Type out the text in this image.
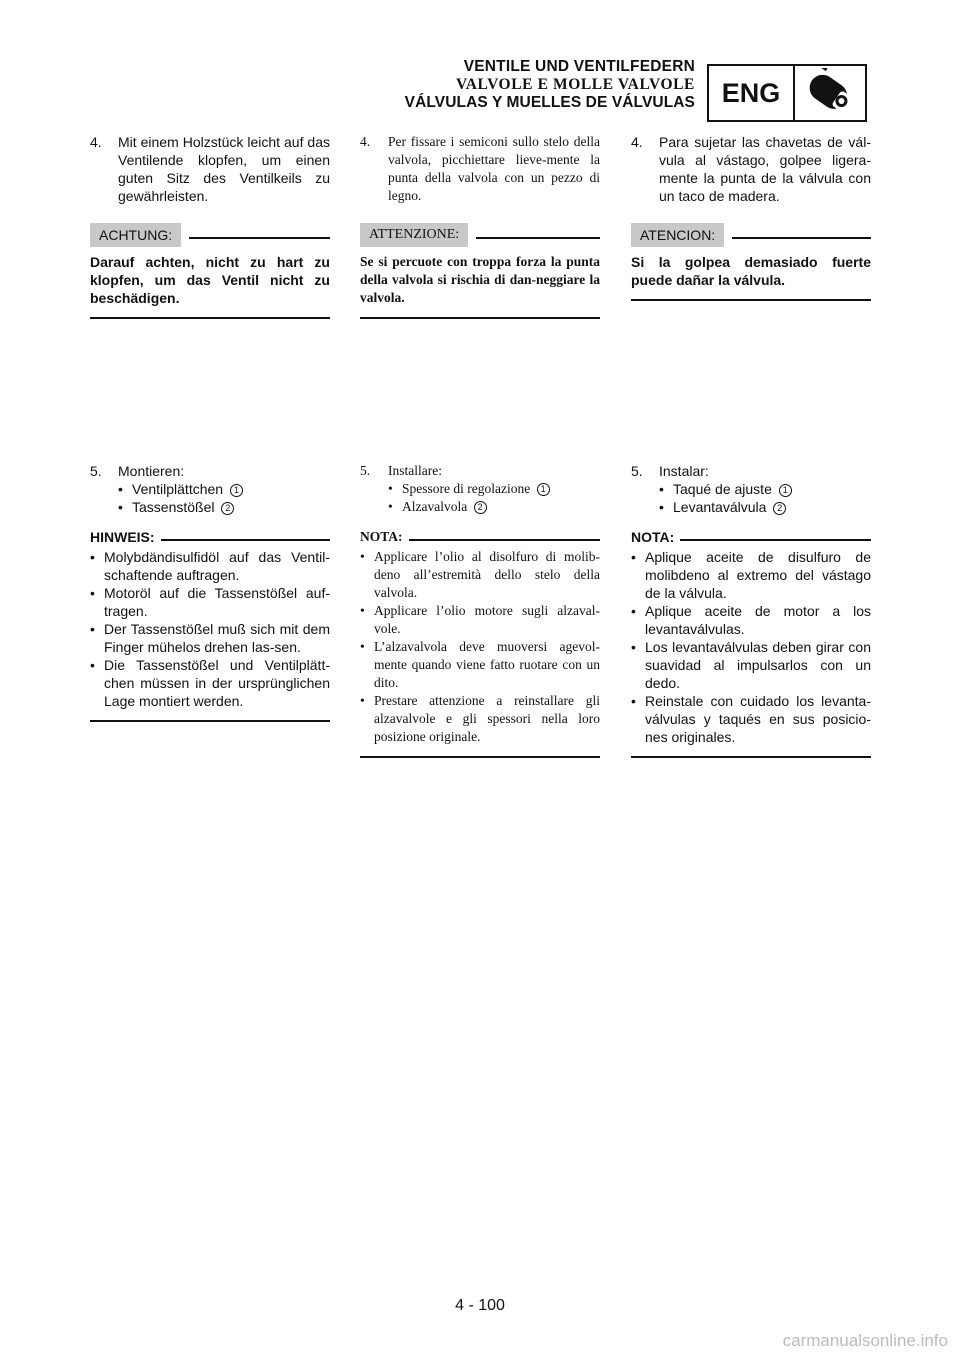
VENTILE UND VENTILFEDERN
VALVOLE E MOLLE VALVOLE
VÁLVULAS Y MUELLES DE VÁLVULAS ENG

4. Mit einem Holzstück leicht auf das Ventilende klopfen, um einen guten Sitz des Ventilkeils zu gewährleisten.

ACHTUNG:
Darauf achten, nicht zu hart zu klopfen, um das Ventil nicht zu beschädigen.

5. Montieren:

• Ventilplättchen 1
• Tassenstößel 2
HINWEIS:
• Molybdändisulfidöl auf das Ventil-schaftende auftragen.
• Motoröl auf die Tassenstößel auf-tragen.
• Der Tassenstößel muß sich mit dem Finger mühelos drehen las-sen.
• Die Tassenstößel und Ventilplätt-chen müssen in der ursprünglichen Lage montiert werden.

4. Per fissare i semiconi sullo stelo della valvola, picchiettare lieve-mente la punta della valvola con un pezzo di legno.

ATTENZIONE:
Se si percuote con troppa forza la punta della valvola si rischia di dan-neggiare la valvola.

5. Installare:

• Spessore di regolazione 1
• Alzavalvola 2
NOTA:
• Applicare l’olio al disolfuro di molib-deno all’estremità dello stelo della valvola.
• Applicare l’olio motore sugli alzaval-vole.
• L’alzavalvola deve muoversi agevol-mente quando viene fatto ruotare con un dito.
• Prestare attenzione a reinstallare gli alzavalvole e gli spessori nella loro posizione originale.

4. Para sujetar las chavetas de vál-vula al vástago, golpee ligera-mente la punta de la válvula con un taco de madera.

ATENCION:
Si la golpea demasiado fuerte puede dañar la válvula.

5. Instalar:

• Taqué de ajuste 1
• Levantaválvula 2
NOTA:
• Aplique aceite de disulfuro de molibdeno al extremo del vástago de la válvula.
• Aplique aceite de motor a los levantaválvulas.
• Los levantaválvulas deben girar con suavidad al impulsarlos con un dedo.
• Reinstale con cuidado los levanta-válvulas y taqués en sus posicio-nes originales.
4 - 100
carmanualsonline.info
